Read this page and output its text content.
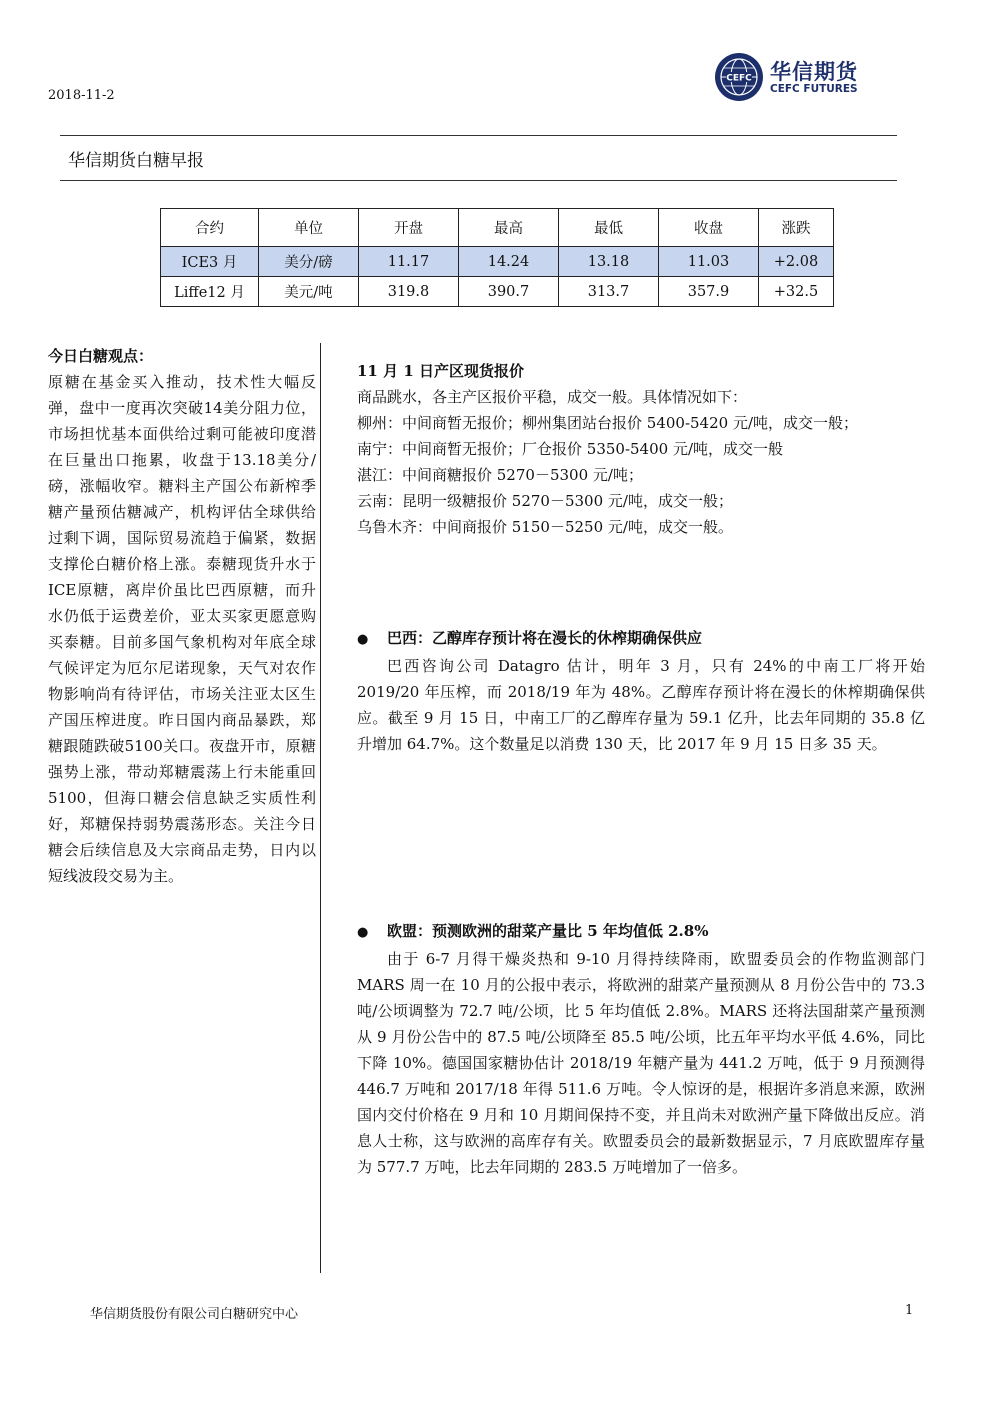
2018-11-2
CEFC 华信期货
CEFC FUTURES
华信期货白糖早报
合约	单位	开盘	最高	最低	收盘	涨跌
ICE3 月	美分/磅	11.17	14.24	13.18	11.03	+2.08
Liffe12 月	美元/吨	319.8	390.7	313.7	357.9	+32.5
今日白糖观点：
原糖在基金买入推动，技术性大幅反弹，盘中一度再次突破14美分阻力位，市场担忧基本面供给过剩可能被印度潜在巨量出口拖累，收盘于13.18美分/磅，涨幅收窄。糖料主产国公布新榨季糖产量预估糖减产，机构评估全球供给过剩下调，国际贸易流趋于偏紧，数据支撑伦白糖价格上涨。泰糖现货升水于ICE原糖，离岸价虽比巴西原糖，而升水仍低于运费差价，亚太买家更愿意购买泰糖。目前多国气象机构对年底全球气候评定为厄尔尼诺现象，天气对农作物影响尚有待评估，市场关注亚太区生产国压榨进度。昨日国内商品暴跌，郑糖跟随跌破5100关口。夜盘开市，原糖强势上涨，带动郑糖震荡上行未能重回5100，但海口糖会信息缺乏实质性利好，郑糖保持弱势震荡形态。关注今日糖会后续信息及大宗商品走势，日内以短线波段交易为主。

11 月 1 日产区现货报价

商品跳水，各主产区报价平稳，成交一般。具体情况如下：

柳州：中间商暂无报价；柳州集团站台报价 5400-5420 元/吨，成交一般；

南宁：中间商暂无报价；厂仓报价 5350-5400 元/吨，成交一般

湛江：中间商糖报价 5270－5300 元/吨；

云南：昆明一级糖报价 5270－5300 元/吨，成交一般；

乌鲁木齐：中间商报价 5150－5250 元/吨，成交一般。

● 巴西：乙醇库存预计将在漫长的休榨期确保供应

巴西咨询公司 Datagro 估计，明年 3 月，只有 24%的中南工厂将开始 2019/20 年压榨，而 2018/19 年为 48%。乙醇库存预计将在漫长的休榨期确保供应。截至 9 月 15 日，中南工厂的乙醇库存量为 59.1 亿升，比去年同期的 35.8 亿升增加 64.7%。这个数量足以消费 130 天，比 2017 年 9 月 15 日多 35 天。

● 欧盟：预测欧洲的甜菜产量比 5 年均值低 2.8%

由于 6-7 月得干燥炎热和 9-10 月得持续降雨，欧盟委员会的作物监测部门 MARS 周一在 10 月的公报中表示，将欧洲的甜菜产量预测从 8 月份公告中的 73.3 吨/公顷调整为 72.7 吨/公顷，比 5 年均值低 2.8%。MARS 还将法国甜菜产量预测从 9 月份公告中的 87.5 吨/公顷降至 85.5 吨/公顷，比五年平均水平低 4.6%，同比下降 10%。德国国家糖协估计 2018/19 年糖产量为 441.2 万吨，低于 9 月预测得 446.7 万吨和 2017/18 年得 511.6 万吨。令人惊讶的是，根据许多消息来源，欧洲国内交付价格在 9 月和 10 月期间保持不变，并且尚未对欧洲产量下降做出反应。消息人士称，这与欧洲的高库存有关。欧盟委员会的最新数据显示，7 月底欧盟库存量为 577.7 万吨，比去年同期的 283.5 万吨增加了一倍多。

华信期货股份有限公司白糖研究中心	1
